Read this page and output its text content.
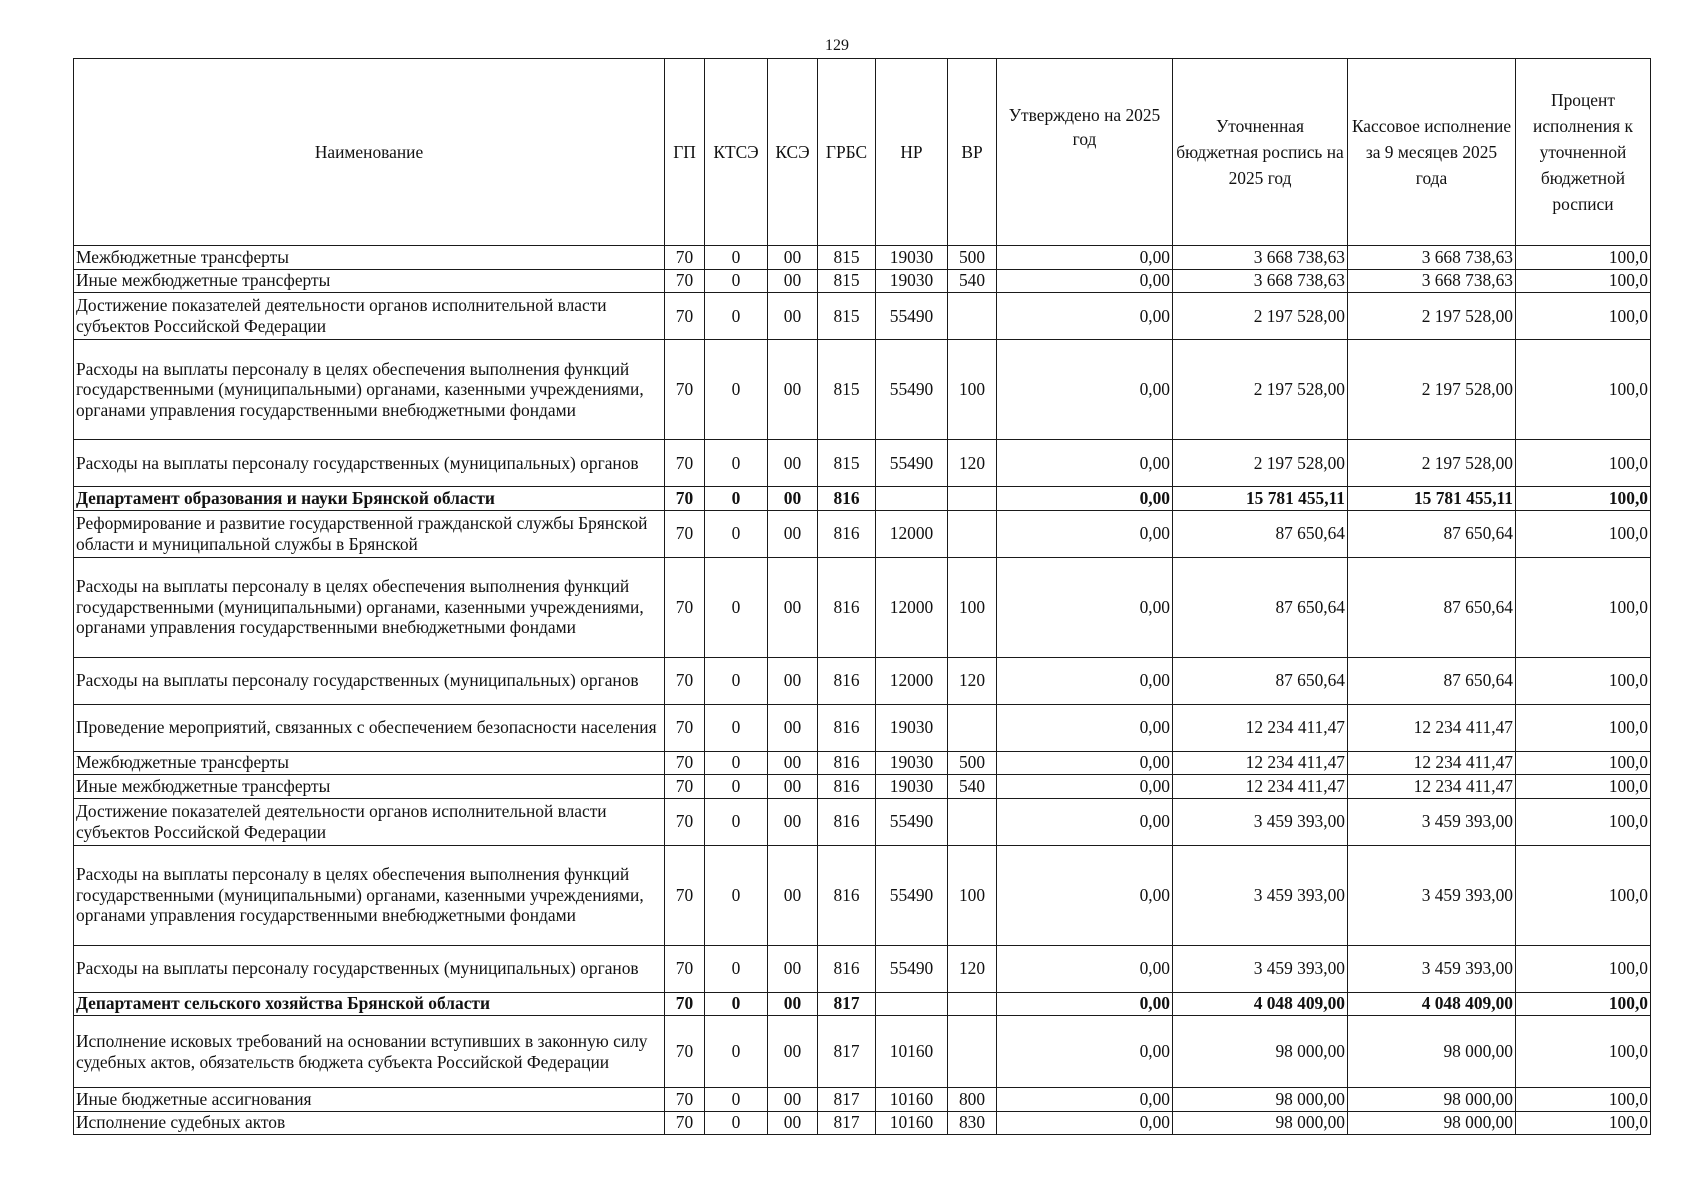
129
Наименование	ГП	КТСЭ	КСЭ	ГРБС	НР	ВР	Утверждено на 2025 год	Уточненная бюджетная роспись на 2025 год	Кассовое исполнение за 9 месяцев 2025 года	Процент исполнения к уточненной бюджетной росписи
Межбюджетные трансферты	70	0	00	815	19030	500	0,00	3 668 738,63	3 668 738,63	100,0
Иные межбюджетные трансферты	70	0	00	815	19030	540	0,00	3 668 738,63	3 668 738,63	100,0
Достижение показателей деятельности органов исполнительной власти субъектов Российской Федерации	70	0	00	815	55490		0,00	2 197 528,00	2 197 528,00	100,0
Расходы на выплаты персоналу в целях обеспечения выполнения функций государственными (муниципальными) органами, казенными учреждениями, органами управления государственными внебюджетными фондами	70	0	00	815	55490	100	0,00	2 197 528,00	2 197 528,00	100,0
Расходы на выплаты персоналу государственных (муниципальных) органов	70	0	00	815	55490	120	0,00	2 197 528,00	2 197 528,00	100,0
Департамент образования и науки Брянской области	70	0	00	816			0,00	15 781 455,11	15 781 455,11	100,0
Реформирование и развитие государственной гражданской службы Брянской области и муниципальной службы в Брянской	70	0	00	816	12000		0,00	87 650,64	87 650,64	100,0
Расходы на выплаты персоналу в целях обеспечения выполнения функций государственными (муниципальными) органами, казенными учреждениями, органами управления государственными внебюджетными фондами	70	0	00	816	12000	100	0,00	87 650,64	87 650,64	100,0
Расходы на выплаты персоналу государственных (муниципальных) органов	70	0	00	816	12000	120	0,00	87 650,64	87 650,64	100,0
Проведение мероприятий, связанных с обеспечением безопасности населения	70	0	00	816	19030		0,00	12 234 411,47	12 234 411,47	100,0
Межбюджетные трансферты	70	0	00	816	19030	500	0,00	12 234 411,47	12 234 411,47	100,0
Иные межбюджетные трансферты	70	0	00	816	19030	540	0,00	12 234 411,47	12 234 411,47	100,0
Достижение показателей деятельности органов исполнительной власти субъектов Российской Федерации	70	0	00	816	55490		0,00	3 459 393,00	3 459 393,00	100,0
Расходы на выплаты персоналу в целях обеспечения выполнения функций государственными (муниципальными) органами, казенными учреждениями, органами управления государственными внебюджетными фондами	70	0	00	816	55490	100	0,00	3 459 393,00	3 459 393,00	100,0
Расходы на выплаты персоналу государственных (муниципальных) органов	70	0	00	816	55490	120	0,00	3 459 393,00	3 459 393,00	100,0
Департамент сельского хозяйства Брянской области	70	0	00	817			0,00	4 048 409,00	4 048 409,00	100,0
Исполнение исковых требований на основании вступивших в законную силу судебных актов, обязательств бюджета субъекта Российской Федерации	70	0	00	817	10160		0,00	98 000,00	98 000,00	100,0
Иные бюджетные ассигнования	70	0	00	817	10160	800	0,00	98 000,00	98 000,00	100,0
Исполнение судебных актов	70	0	00	817	10160	830	0,00	98 000,00	98 000,00	100,0
